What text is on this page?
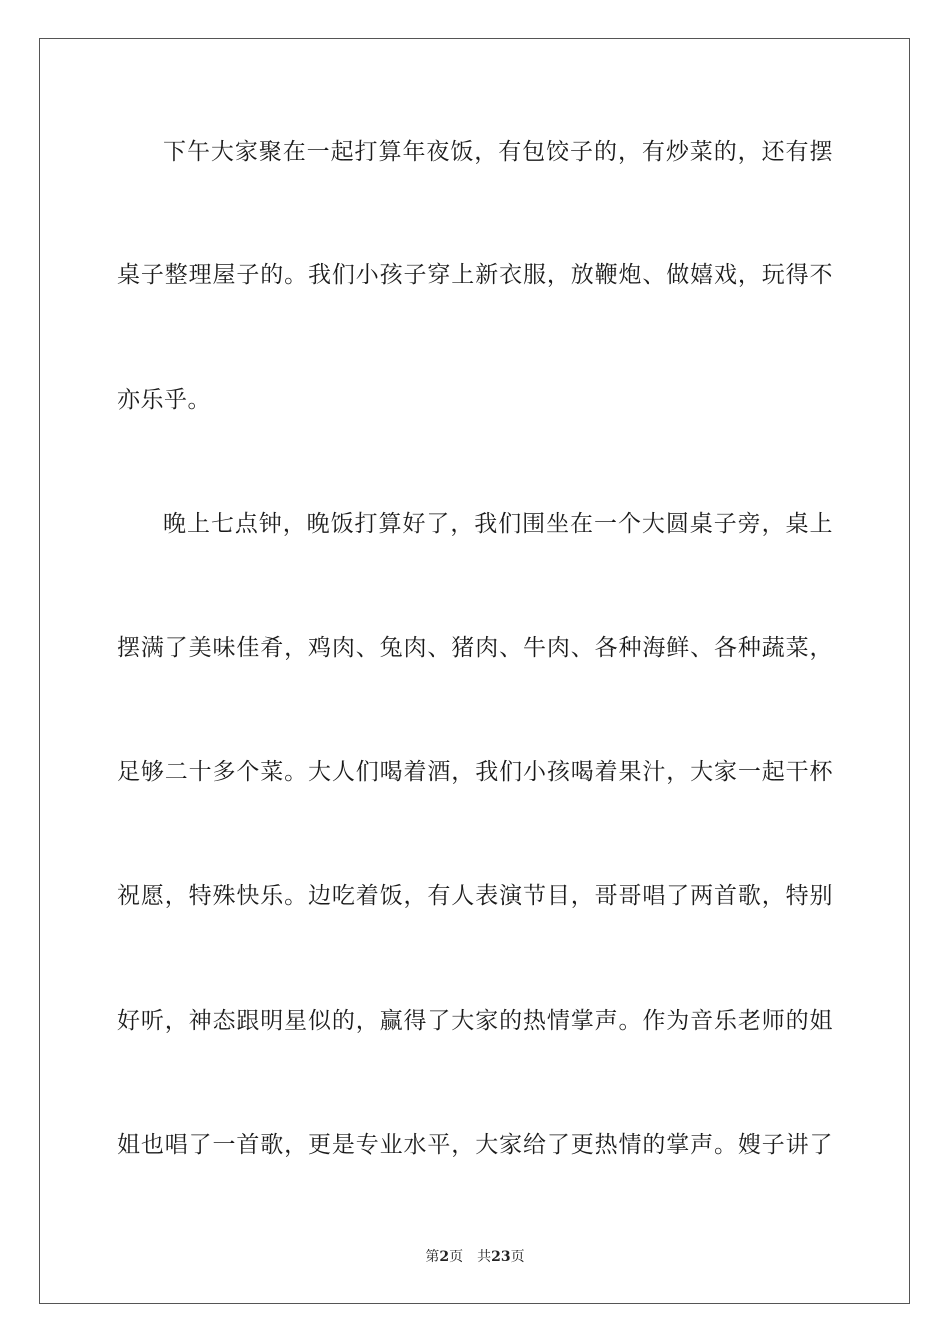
下午大家聚在一起打算年夜饭，有包饺子的，有炒菜的，还有摆
桌子整理屋子的。我们小孩子穿上新衣服，放鞭炮、做嬉戏，玩得不
亦乐乎。
晚上七点钟，晚饭打算好了，我们围坐在一个大圆桌子旁，桌上
摆满了美味佳肴，鸡肉、兔肉、猪肉、牛肉、各种海鲜、各种蔬菜，
足够二十多个菜。大人们喝着酒，我们小孩喝着果汁，大家一起干杯
祝愿，特殊快乐。边吃着饭，有人表演节目，哥哥唱了两首歌，特别
好听，神态跟明星似的，赢得了大家的热情掌声。作为音乐老师的姐
姐也唱了一首歌，更是专业水平，大家给了更热情的掌声。嫂子讲了
第2页 共23页
